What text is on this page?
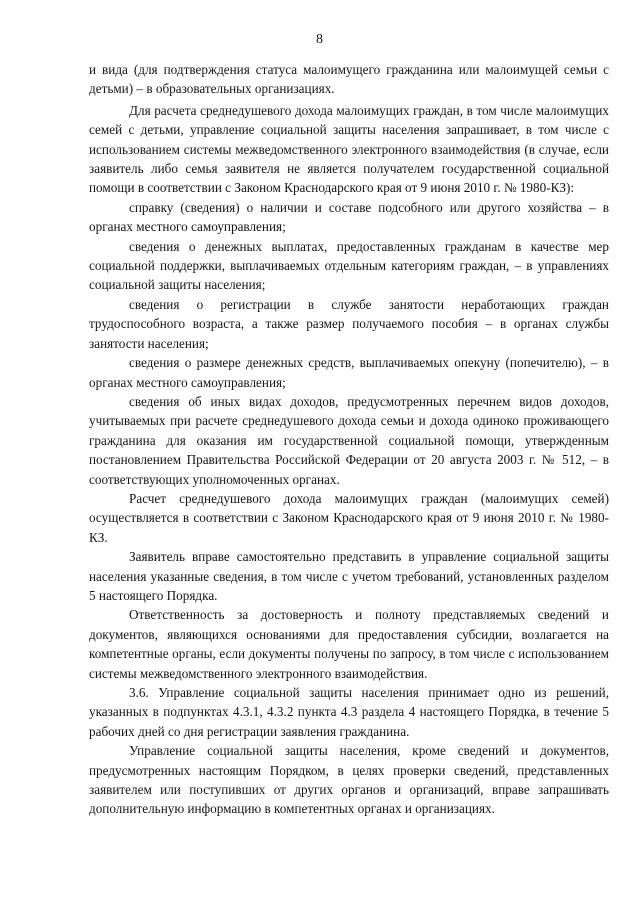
8

и вида (для подтверждения статуса малоимущего гражданина или малоимущей семьи с детьми) – в образовательных организациях.

Для расчета среднедушевого дохода малоимущих граждан, в том числе малоимущих семей с детьми, управление социальной защиты населения запрашивает, в том числе с использованием системы межведомственного электронного взаимодействия (в случае, если заявитель либо семья заявителя не является получателем государственной социальной помощи в соответствии с Законом Краснодарского края от 9 июня 2010 г. № 1980-КЗ):

справку (сведения) о наличии и составе подсобного или другого хозяйства – в органах местного самоуправления;

сведения о денежных выплатах, предоставленных гражданам в качестве мер социальной поддержки, выплачиваемых отдельным категориям граждан, – в управлениях социальной защиты населения;

сведения о регистрации в службе занятости неработающих граждан трудоспособного возраста, а также размер получаемого пособия – в органах службы занятости населения;

сведения о размере денежных средств, выплачиваемых опекуну (попечителю), – в органах местного самоуправления;

сведения об иных видах доходов, предусмотренных перечнем видов доходов, учитываемых при расчете среднедушевого дохода семьи и дохода одиноко проживающего гражданина для оказания им государственной социальной помощи, утвержденным постановлением Правительства Российской Федерации от 20 августа 2003 г. № 512, – в соответствующих уполномоченных органах.

Расчет среднедушевого дохода малоимущих граждан (малоимущих семей) осуществляется в соответствии с Законом Краснодарского края от 9 июня 2010 г. № 1980-КЗ.

Заявитель вправе самостоятельно представить в управление социальной защиты населения указанные сведения, в том числе с учетом требований, установленных разделом 5 настоящего Порядка.

Ответственность за достоверность и полноту представляемых сведений и документов, являющихся основаниями для предоставления субсидии, возлагается на компетентные органы, если документы получены по запросу, в том числе с использованием системы межведомственного электронного взаимодействия.

3.6. Управление социальной защиты населения принимает одно из решений, указанных в подпунктах 4.3.1, 4.3.2 пункта 4.3 раздела 4 настоящего Порядка, в течение 5 рабочих дней со дня регистрации заявления гражданина.

Управление социальной защиты населения, кроме сведений и документов, предусмотренных настоящим Порядком, в целях проверки сведений, представленных заявителем или поступивших от других органов и организаций, вправе запрашивать дополнительную информацию в компетентных органах и организациях.
